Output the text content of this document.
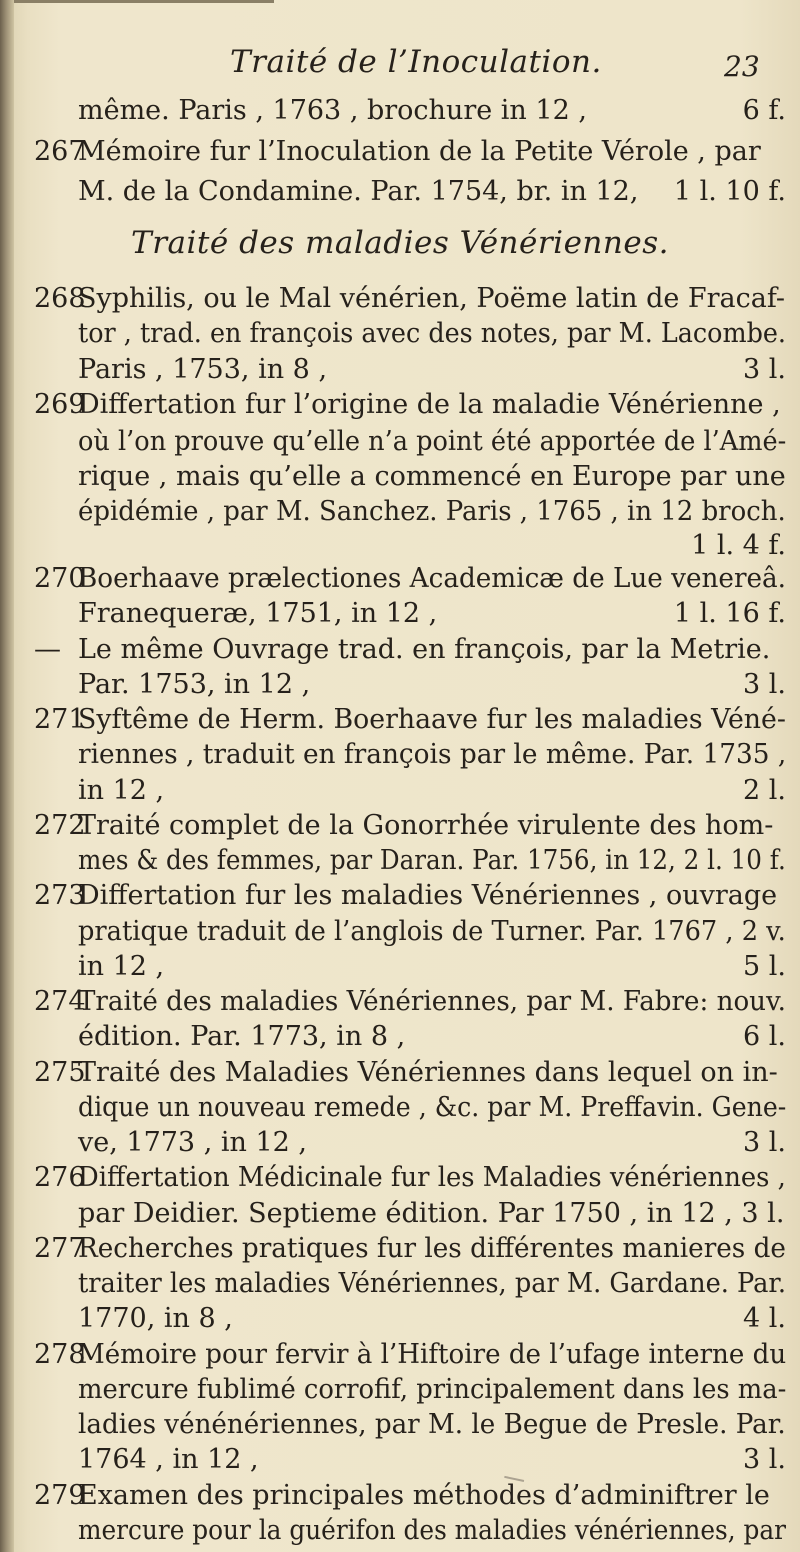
Traité de l’Inoculation.	23
Traité des maladies Vénériennes.
même. Paris , 1763 , brochure in 12 ,	6 f.
267
Mémoire fur l’Inoculation de la Petite Vérole , par
M. de la Condamine. Par. 1754, br. in 12, 1 l. 10 f.
268
Syphilis, ou le Mal vénérien, Poëme latin de Fracaf-
tor , trad. en françois avec des notes, par M. Lacombe.
Paris , 1753, in 8 ,	3 l.
269
Differtation fur l’origine de la maladie Vénérienne ,
où l’on prouve qu’elle n’a point été apportée de l’Amé-
rique , mais qu’elle a commencé en Europe par une
épidémie , par M. Sanchez. Paris , 1765 , in 12 broch.
1 l. 4 f.
270
Boerhaave prælectiones Academicæ de Lue venereâ.
Franequeræ, 1751, in 12 ,	1 l. 16 f.
— Le même Ouvrage trad. en françois, par la Metrie.
Par. 1753, in 12 ,	3 l.
271
Syftême de Herm. Boerhaave fur les maladies Véné-
riennes , traduit en françois par le même. Par. 1735 ,
in 12 ,	2 l.
272
Traité complet de la Gonorrhée virulente des hom-
mes & des femmes, par Daran. Par. 1756, in 12, 2 l. 10 f.
273
Differtation fur les maladies Vénériennes , ouvrage
pratique traduit de l’anglois de Turner. Par. 1767 , 2 v.
in 12 ,	5 l.
274
Traité des maladies Vénériennes, par M. Fabre: nouv.
édition. Par. 1773, in 8 ,	6 l.
275
Traité des Maladies Vénériennes dans lequel on in-
dique un nouveau remede , &c. par M. Preffavin. Gene-
ve, 1773 , in 12 ,	3 l.
276
Differtation Médicinale fur les Maladies vénériennes ,
par Deidier. Septieme édition. Par 1750 , in 12 , 3 l.
277
Recherches pratiques fur les différentes manieres de
traiter les maladies Vénériennes, par M. Gardane. Par.
1770, in 8 ,	4 l.
278
Mémoire pour fervir à l’Hiftoire de l’ufage interne du
mercure fublimé corrofif, principalement dans les ma-
ladies vénénériennes, par M. le Begue de Presle. Par.
1764 , in 12 ,	3 l.
279
Examen des principales méthodes d’adminiftrer le
mercure pour la guérifon des maladies vénériennes, par
